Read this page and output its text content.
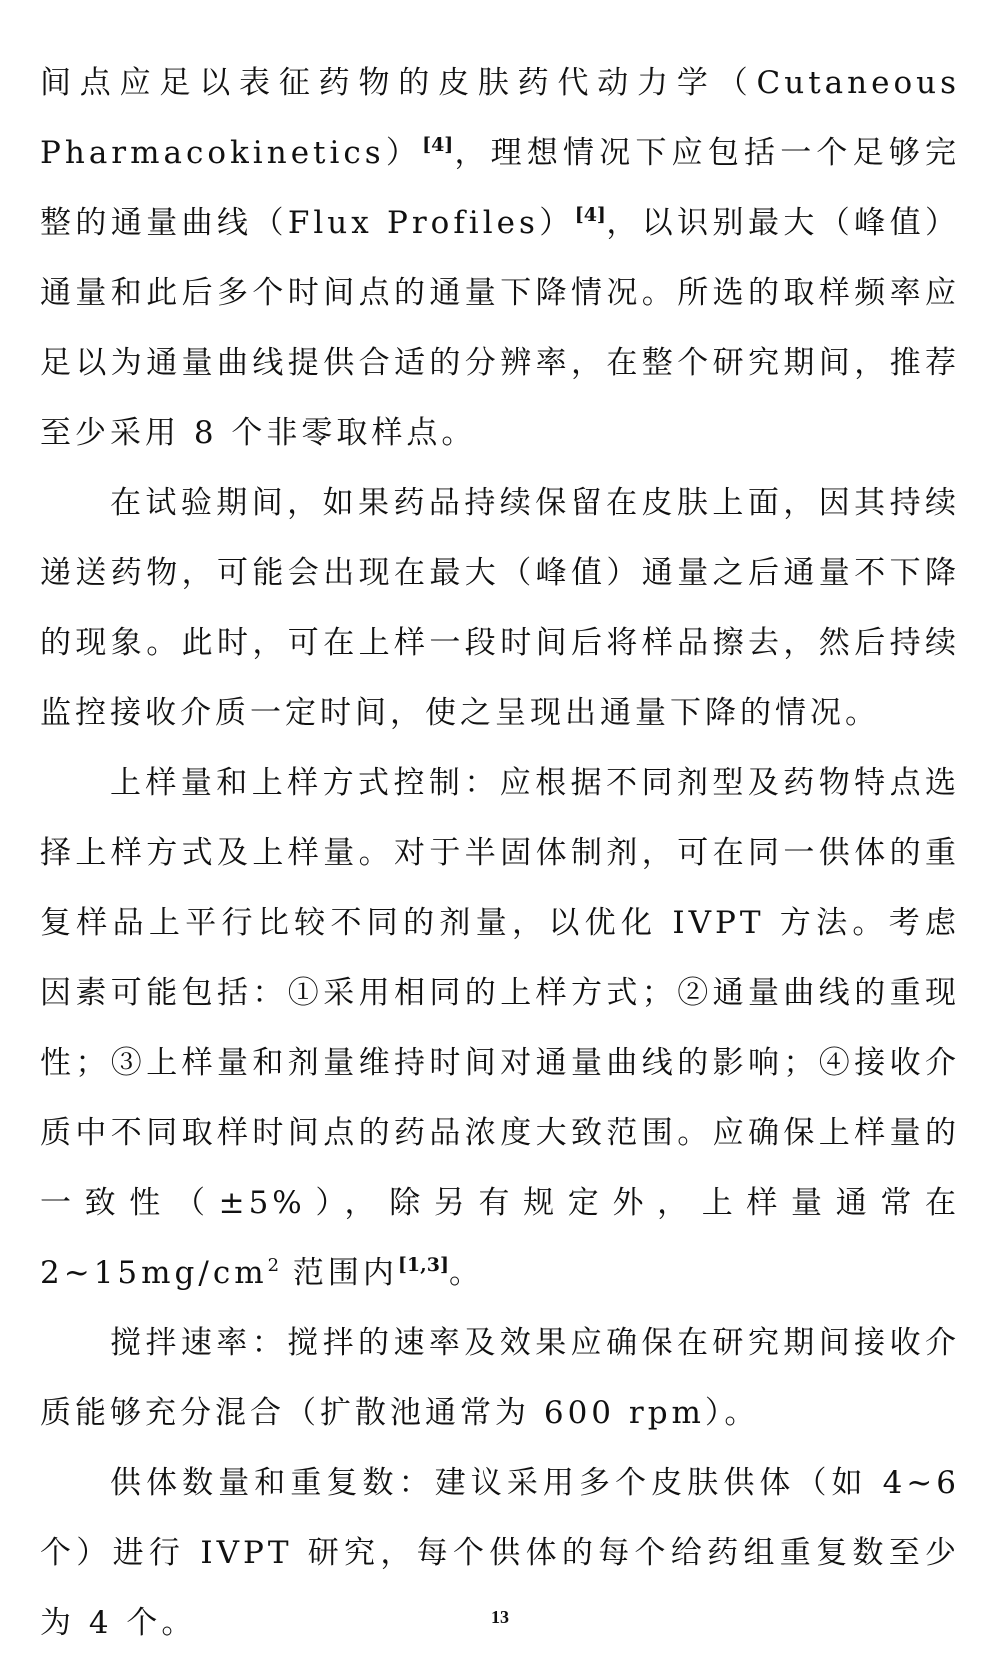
间点应足以表征药物的皮肤药代动力学（Cutaneous Pharmacokinetics）[4]，理想情况下应包括一个足够完整的通量曲线（Flux Profiles）[4]，以识别最大（峰值）通量和此后多个时间点的通量下降情况。所选的取样频率应足以为通量曲线提供合适的分辨率，在整个研究期间，推荐至少采用 8 个非零取样点。

在试验期间，如果药品持续保留在皮肤上面，因其持续递送药物，可能会出现在最大（峰值）通量之后通量不下降的现象。此时，可在上样一段时间后将样品擦去，然后持续监控接收介质一定时间，使之呈现出通量下降的情况。

上样量和上样方式控制：应根据不同剂型及药物特点选择上样方式及上样量。对于半固体制剂，可在同一供体的重复样品上平行比较不同的剂量，以优化 IVPT 方法。考虑因素可能包括：①采用相同的上样方式；②通量曲线的重现性；③上样量和剂量维持时间对通量曲线的影响；④接收介质中不同取样时间点的药品浓度大致范围。应确保上样量的一致性（±5%），除另有规定外，上样量通常在 $2\sim 15mg/cm^2$ 范围内[1,3]。

搅拌速率：搅拌的速率及效果应确保在研究期间接收介质能够充分混合（扩散池通常为 600 rpm）。

供体数量和重复数：建议采用多个皮肤供体（如 4~6 个）进行 IVPT 研究，每个供体的每个给药组重复数至少为 4 个。	13
